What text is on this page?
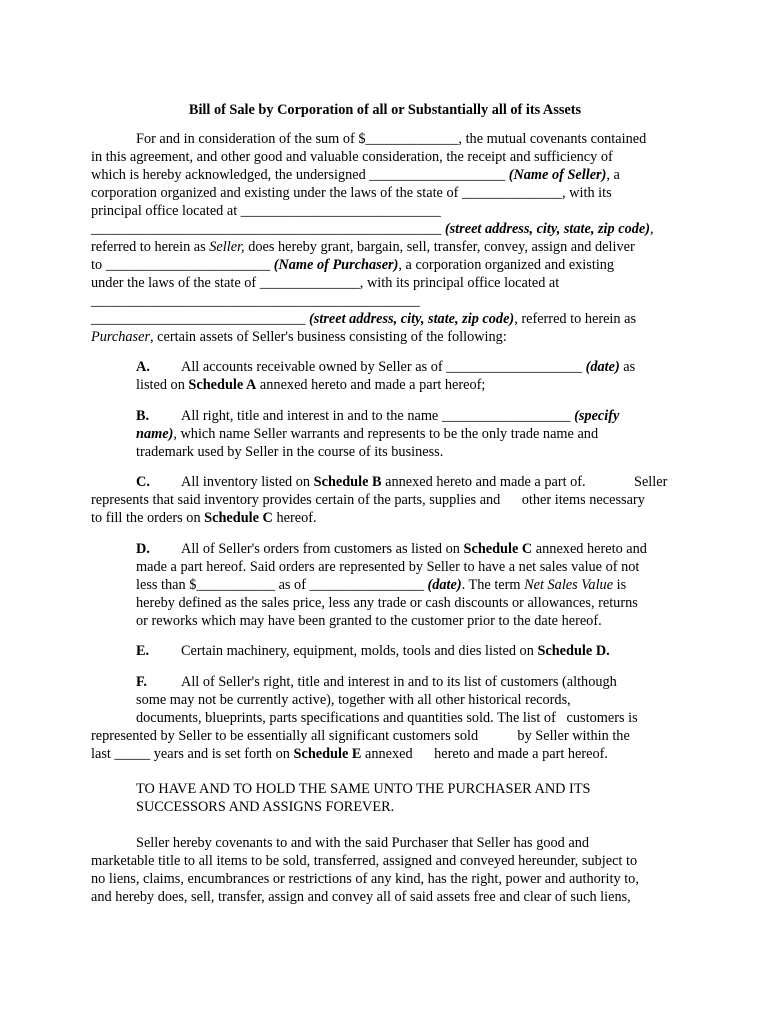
Bill of Sale by Corporation of all or Substantially all of its Assets

For and in consideration of the sum of $_____________, the mutual covenants contained

in this agreement, and other good and valuable consideration, the receipt and sufficiency of

which is hereby acknowledged, the undersigned ___________________ (Name of Seller), a

corporation organized and existing under the laws of the state of ______________, with its

principal office located at ____________________________

_________________________________________________ (street address, city, state, zip code),

referred to herein as Seller, does hereby grant, bargain, sell, transfer, convey, assign and deliver

to _______________________ (Name of Purchaser), a corporation organized and existing

under the laws of the state of ______________, with its principal office located at

______________________________________________

______________________________ (street address, city, state, zip code), referred to herein as

Purchaser, certain assets of Seller's business consisting of the following:

A. All accounts receivable owned by Seller as of ___________________ (date) as

listed on Schedule A annexed hereto and made a part hereof;

B. All right, title and interest in and to the name __________________ (specify

name), which name Seller warrants and represents to be the only trade name and

trademark used by Seller in the course of its business.

C. All inventory listed on Schedule B annexed hereto and made a part of.	Seller

represents that said inventory provides certain of the parts, supplies and      other items necessary

to fill the orders on Schedule C hereof.

D. All of Seller's orders from customers as listed on Schedule C annexed hereto and

made a part hereof. Said orders are represented by Seller to have a net sales value of not

less than $___________ as of ________________ (date). The term Net Sales Value is

hereby defined as the sales price, less any trade or cash discounts or allowances, returns

or reworks which may have been granted to the customer prior to the date hereof.

E. Certain machinery, equipment, molds, tools and dies listed on Schedule D.

F. All of Seller's right, title and interest in and to its list of customers (although

some may not be currently active), together with all other historical records,

documents, blueprints, parts specifications and quantities sold. The list of   customers is

represented by Seller to be essentially all significant customers sold           by Seller within the

last _____ years and is set forth on Schedule E annexed      hereto and made a part hereof.

TO HAVE AND TO HOLD THE SAME UNTO THE PURCHASER AND ITS

SUCCESSORS AND ASSIGNS FOREVER.

Seller hereby covenants to and with the said Purchaser that Seller has good and

marketable title to all items to be sold, transferred, assigned and conveyed hereunder, subject to

no liens, claims, encumbrances or restrictions of any kind, has the right, power and authority to,

and hereby does, sell, transfer, assign and convey all of said assets free and clear of such liens,
